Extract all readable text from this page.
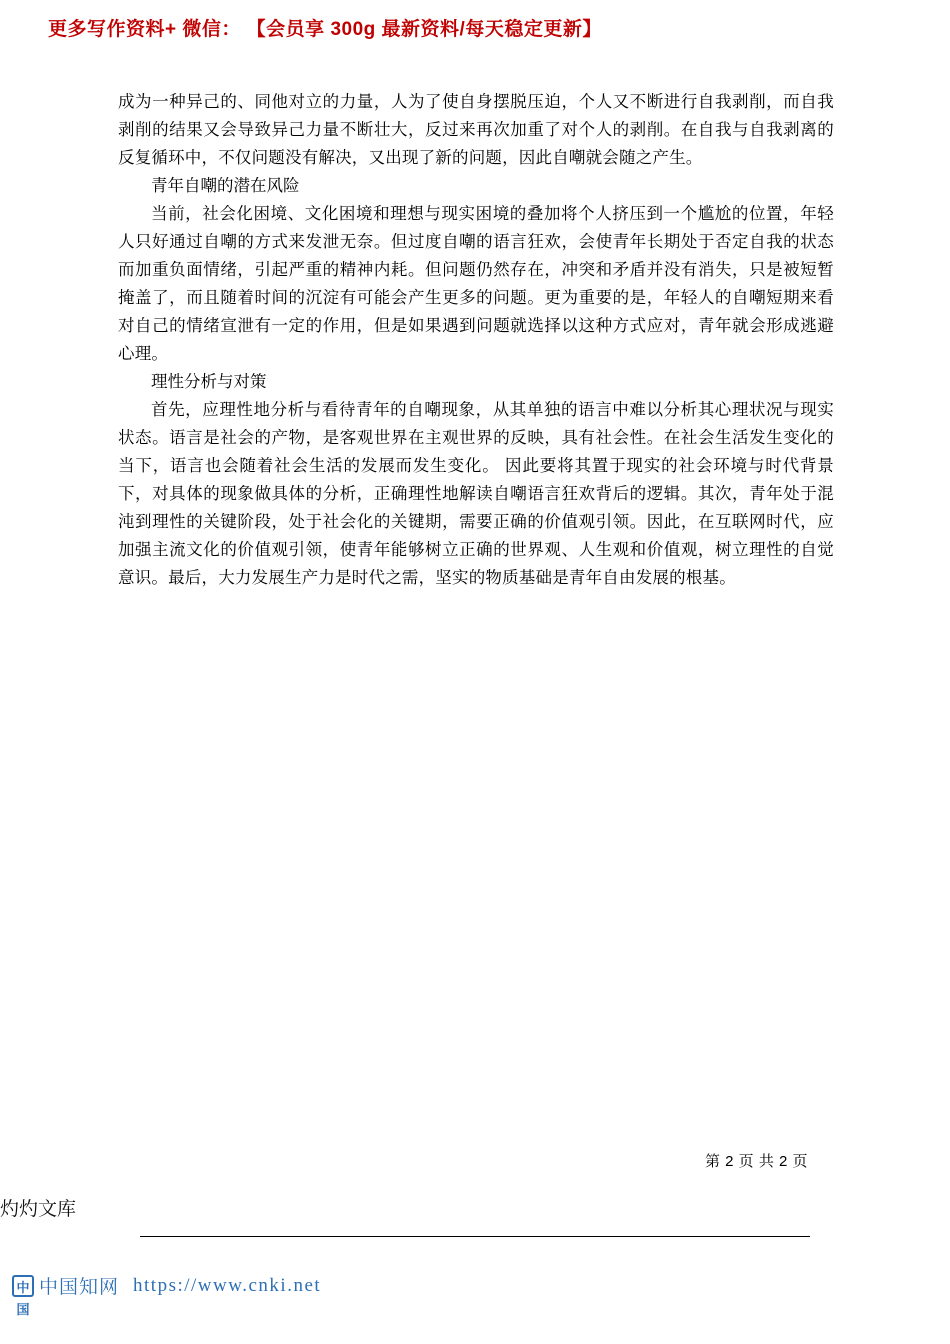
更多写作资料+ 微信： 【会员享 300g 最新资料/每天稳定更新】

成为一种异己的、同他对立的力量，人为了使自身摆脱压迫，个人又不断进行自我剥削，而自我剥削的结果又会导致异己力量不断壮大，反过来再次加重了对个人的剥削。在自我与自我剥离的反复循环中，不仅问题没有解决，又出现了新的问题，因此自嘲就会随之产生。

青年自嘲的潜在风险

当前，社会化困境、文化困境和理想与现实困境的叠加将个人挤压到一个尴尬的位置，年轻人只好通过自嘲的方式来发泄无奈。但过度自嘲的语言狂欢，会使青年长期处于否定自我的状态而加重负面情绪，引起严重的精神内耗。但问题仍然存在，冲突和矛盾并没有消失，只是被短暂掩盖了，而且随着时间的沉淀有可能会产生更多的问题。更为重要的是，年轻人的自嘲短期来看对自己的情绪宣泄有一定的作用，但是如果遇到问题就选择以这种方式应对，青年就会形成逃避心理。

理性分析与对策

首先，应理性地分析与看待青年的自嘲现象，从其单独的语言中难以分析其心理状况与现实状态。语言是社会的产物，是客观世界在主观世界的反映，具有社会性。在社会生活发生变化的当下，语言也会随着社会生活的发展而发生变化。 因此要将其置于现实的社会环境与时代背景下，对具体的现象做具体的分析，正确理性地解读自嘲语言狂欢背后的逻辑。其次，青年处于混沌到理性的关键阶段，处于社会化的关键期，需要正确的价值观引领。因此，在互联网时代，应加强主流文化的价值观引领，使青年能够树立正确的世界观、人生观和价值观，树立理性的自觉意识。最后，大力发展生产力是时代之需，坚实的物质基础是青年自由发展的根基。

第 2 页 共 2 页
灼灼文库
中国
中国知网 https://www.cnki.net
